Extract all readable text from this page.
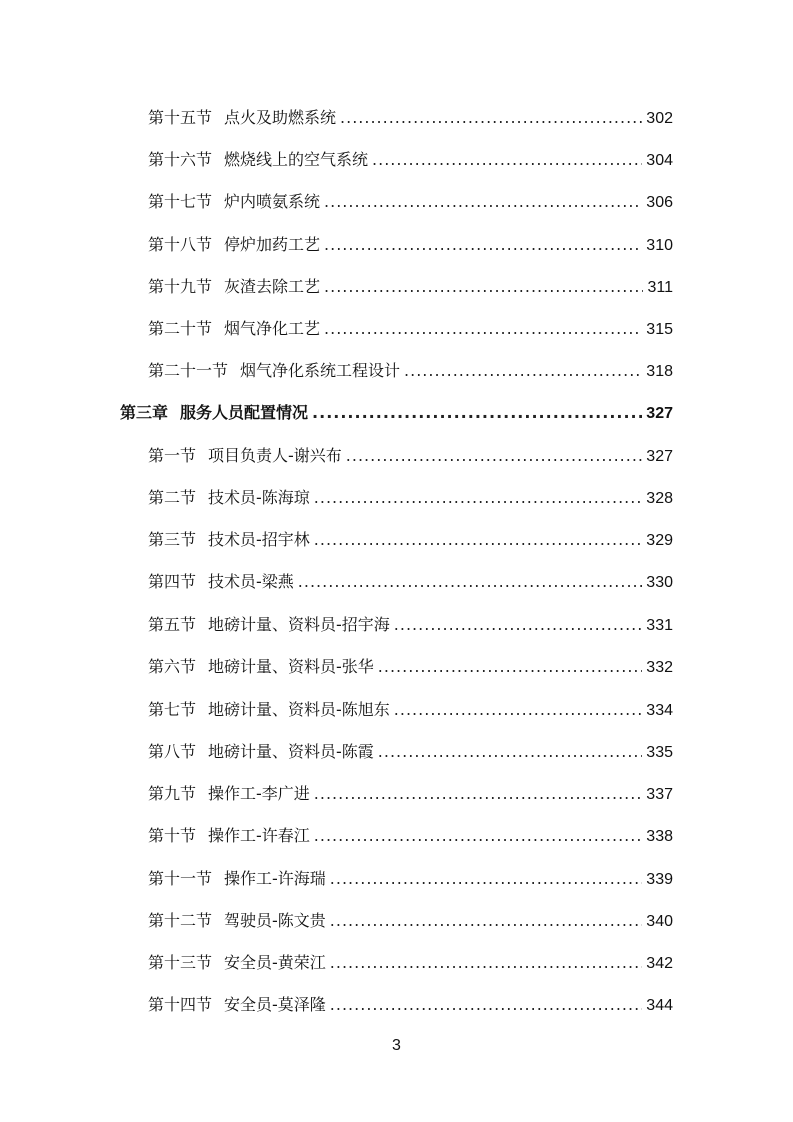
第十五节 点火及助燃系统 .....	302
第十六节 燃烧线上的空气系统 .....	304
第十七节 炉内喷氨系统 .....	306
第十八节 停炉加药工艺 .....	310
第十九节 灰渣去除工艺 .....	311
第二十节 烟气净化工艺 .....	315
第二十一节 烟气净化系统工程设计 .....	318
第三章 服务人员配置情况 .....	327
第一节 项目负责人-谢兴布 .....	327
第二节 技术员-陈海琼 .....	328
第三节 技术员-招宇林 .....	329
第四节 技术员-梁燕 .....	330
第五节 地磅计量、资料员-招宇海 .....	331
第六节 地磅计量、资料员-张华 .....	332
第七节 地磅计量、资料员-陈旭东 .....	334
第八节 地磅计量、资料员-陈霞 .....	335
第九节 操作工-李广进 .....	337
第十节 操作工-许春江 .....	338
第十一节 操作工-许海瑞 .....	339
第十二节 驾驶员-陈文贵 .....	340
第十三节 安全员-黄荣江 .....	342
第十四节 安全员-莫泽隆 .....	344
3
